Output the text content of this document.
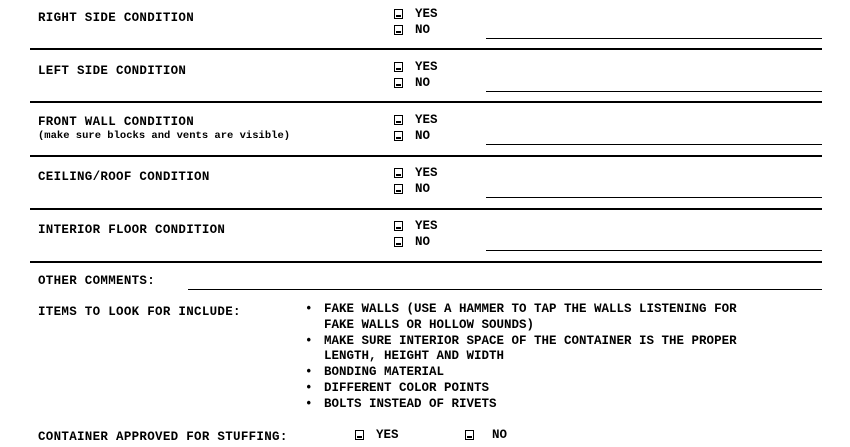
RIGHT SIDE CONDITION	YES
NO
LEFT SIDE CONDITION	YES
NO
FRONT WALL CONDITION
(make sure blocks and vents are visible)
YES
NO
CEILING/ROOF CONDITION	YES
NO
INTERIOR FLOOR CONDITION	YES
NO
OTHER COMMENTS:
ITEMS TO LOOK FOR INCLUDE:	• FAKE WALLS (USE A HAMMER TO TAP THE WALLS LISTENING FOR
FAKE WALLS OR HOLLOW SOUNDS)
• MAKE SURE INTERIOR SPACE OF THE CONTAINER IS THE PROPER
LENGTH, HEIGHT AND WIDTH
• BONDING MATERIAL
• DIFFERENT COLOR POINTS
• BOLTS INSTEAD OF RIVETS
CONTAINER APPROVED FOR STUFFING:	YES	NO
